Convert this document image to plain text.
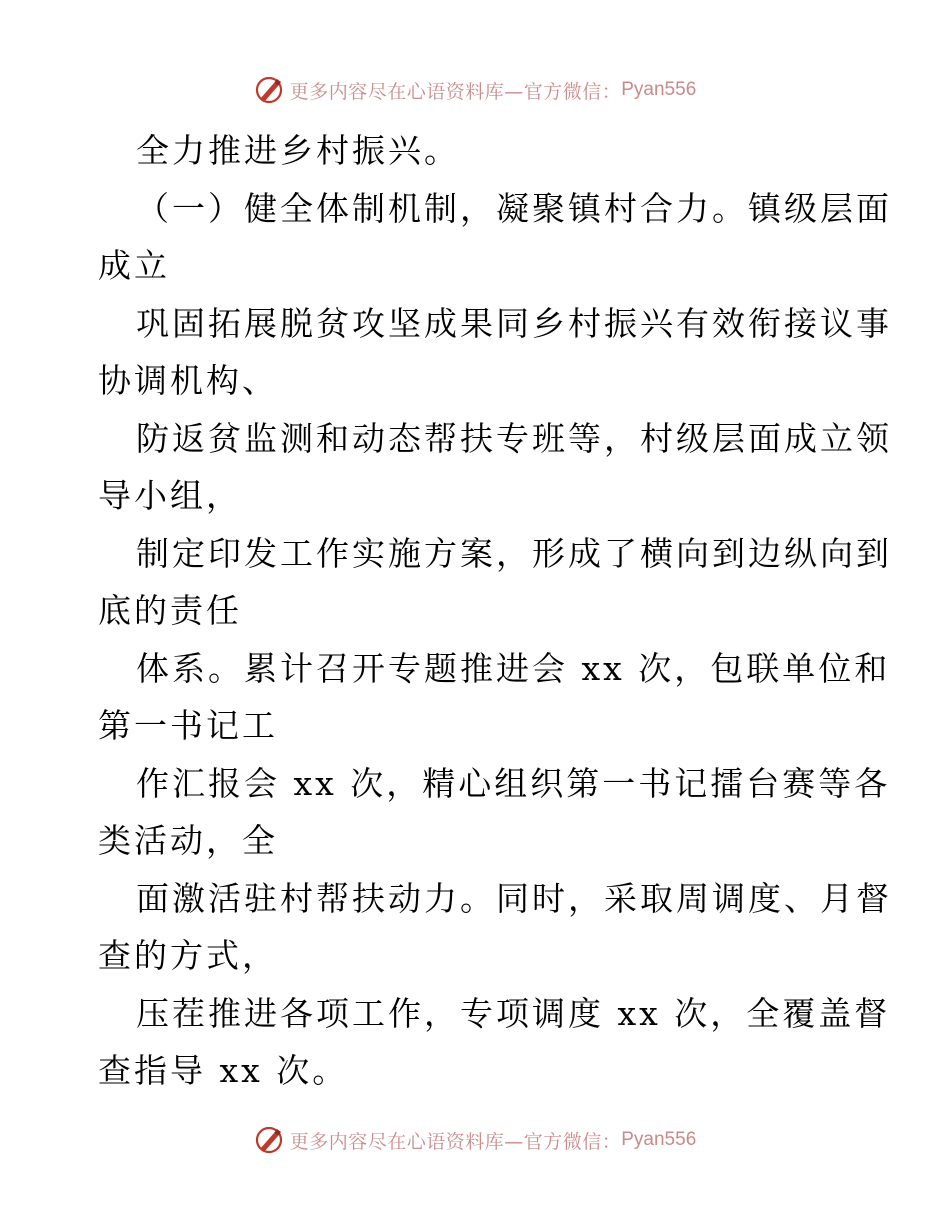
更多内容尽在心语资料库—官方微信： Pyan556
全力推进乡村振兴。
（一）健全体制机制，凝聚镇村合力。镇级层面
成立
巩固拓展脱贫攻坚成果同乡村振兴有效衔接议事
协调机构、
防返贫监测和动态帮扶专班等，村级层面成立领
导小组，
制定印发工作实施方案，形成了横向到边纵向到
底的责任
体系。累计召开专题推进会 xx 次，包联单位和
第一书记工
作汇报会 xx 次，精心组织第一书记擂台赛等各
类活动，全
面激活驻村帮扶动力。同时，采取周调度、月督
查的方式，
压茬推进各项工作，专项调度 xx 次，全覆盖督
查指导 xx 次。
更多内容尽在心语资料库—官方微信： Pyan556
